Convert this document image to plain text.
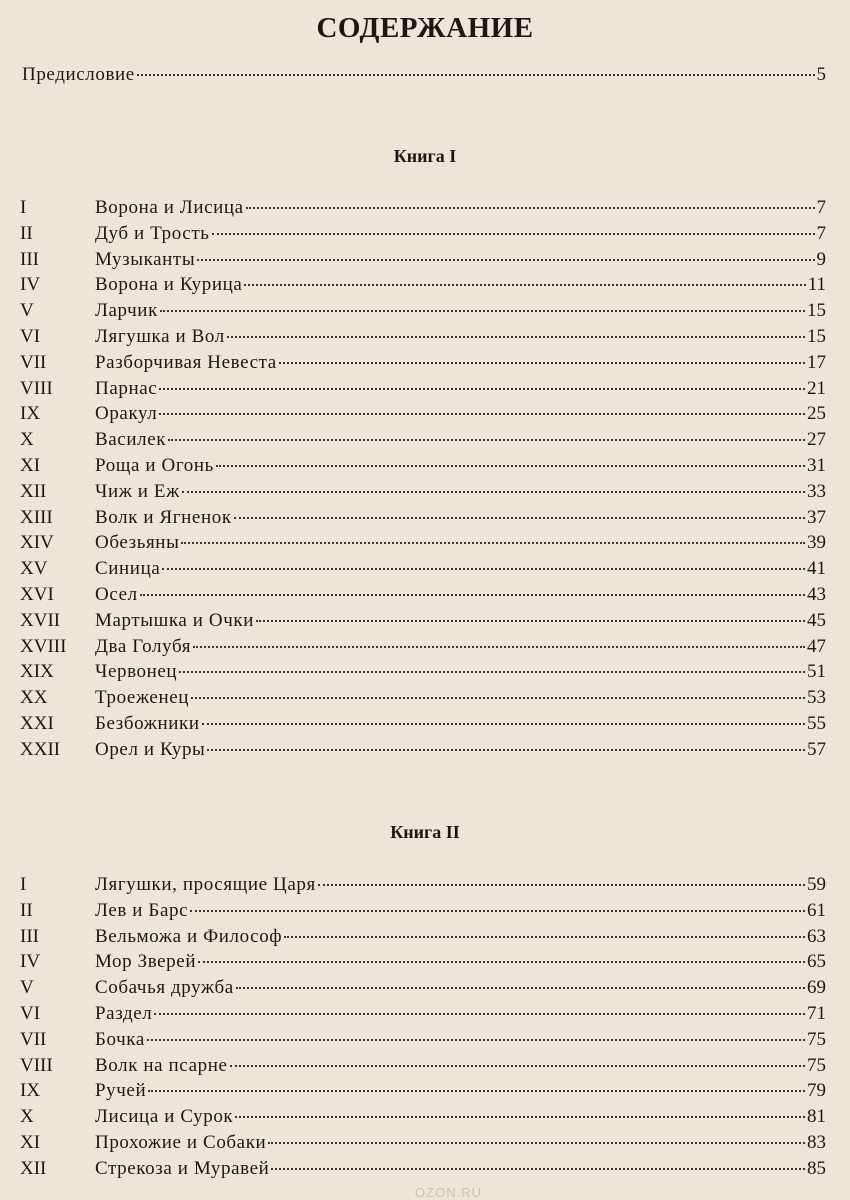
СОДЕРЖАНИЕ
Предисловие	5
Книга I
I	Ворона и Лисица	7
II	Дуб и Трость	7
III	Музыканты	9
IV	Ворона и Курица	11
V	Ларчик	15
VI	Лягушка и Вол	15
VII	Разборчивая Невеста	17
VIII	Парнас	21
IX	Оракул	25
X	Василек	27
XI	Роща и Огонь	31
XII	Чиж и Еж	33
XIII	Волк и Ягненок	37
XIV	Обезьяны	39
XV	Синица	41
XVI	Осел	43
XVII	Мартышка и Очки	45
XVIII	Два Голубя	47
XIX	Червонец	51
XX	Троеженец	53
XXI	Безбожники	55
XXII	Орел и Куры	57
Книга II
I	Лягушки, просящие Царя	59
II	Лев и Барс	61
III	Вельможа и Философ	63
IV	Мор Зверей	65
V	Собачья дружба	69
VI	Раздел	71
VII	Бочка	75
VIII	Волк на псарне	75
IX	Ручей	79
X	Лисица и Сурок	81
XI	Прохожие и Собаки	83
XII	Стрекоза и Муравей	85
OZON.RU
